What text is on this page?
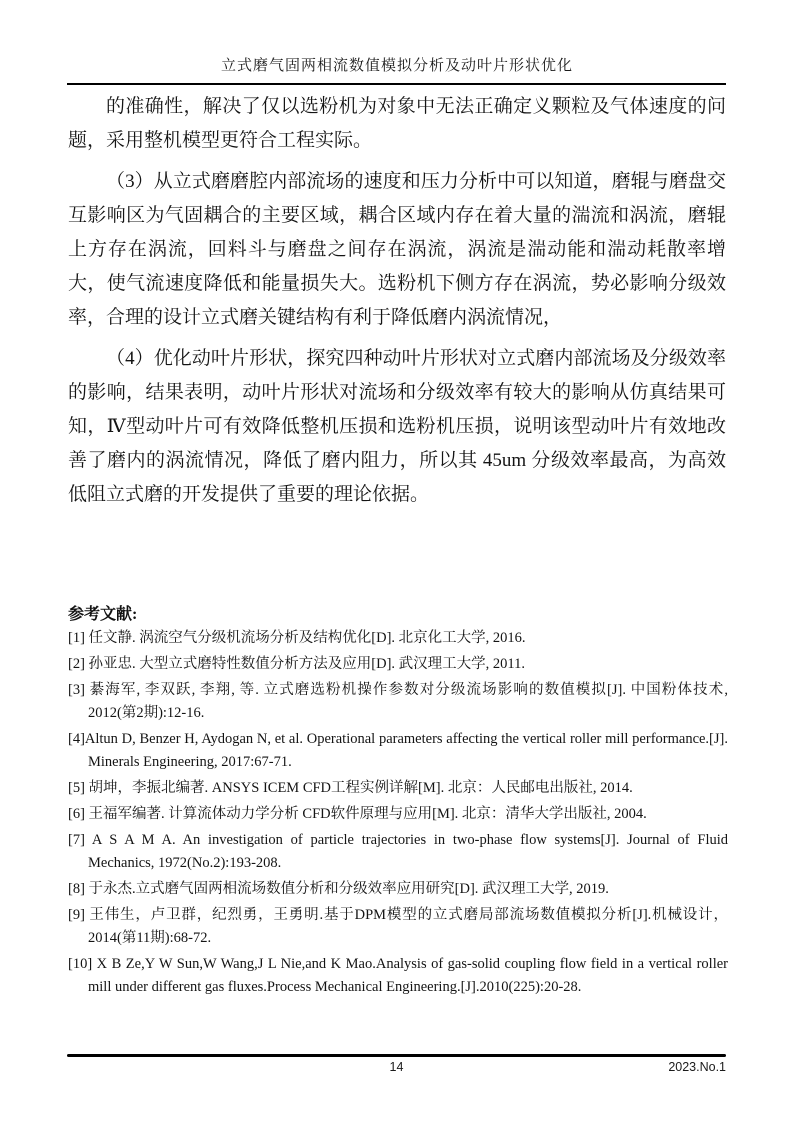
立式磨气固两相流数值模拟分析及动叶片形状优化

的准确性，解决了仅以选粉机为对象中无法正确定义颗粒及气体速度的问题，采用整机模型更符合工程实际。

（3）从立式磨磨腔内部流场的速度和压力分析中可以知道，磨辊与磨盘交互影响区为气固耦合的主要区域，耦合区域内存在着大量的湍流和涡流，磨辊上方存在涡流，回料斗与磨盘之间存在涡流，涡流是湍动能和湍动耗散率增大，使气流速度降低和能量损失大。选粉机下侧方存在涡流，势必影响分级效率，合理的设计立式磨关键结构有利于降低磨内涡流情况，

（4）优化动叶片形状，探究四种动叶片形状对立式磨内部流场及分级效率的影响，结果表明，动叶片形状对流场和分级效率有较大的影响从仿真结果可知，Ⅳ型动叶片可有效降低整机压损和选粉机压损，说明该型动叶片有效地改善了磨内的涡流情况，降低了磨内阻力，所以其 45um 分级效率最高，为高效低阻立式磨的开发提供了重要的理论依据。

参考文献:

[1] 任文静. 涡流空气分级机流场分析及结构优化[D]. 北京化工大学, 2016.

[2] 孙亚忠. 大型立式磨特性数值分析方法及应用[D]. 武汉理工大学, 2011.

[3] 綦海军, 李双跃, 李翔, 等. 立式磨选粉机操作参数对分级流场影响的数值模拟[J]. 中国粉体技术, 2012(第2期):12-16.

[4]Altun D, Benzer H, Aydogan N, et al. Operational parameters affecting the vertical roller mill performance.[J]. Minerals Engineering, 2017:67-71.

[5] 胡坤，李振北编著. ANSYS ICEM CFD工程实例详解[M]. 北京：人民邮电出版社, 2014.

[6] 王福军编著. 计算流体动力学分析 CFD软件原理与应用[M]. 北京：清华大学出版社, 2004.

[7] A S A M A. An investigation of particle trajectories in two-phase flow systems[J]. Journal of Fluid Mechanics, 1972(No.2):193-208.

[8] 于永杰.立式磨气固两相流场数值分析和分级效率应用研究[D]. 武汉理工大学, 2019.

[9] 王伟生，卢卫群，纪烈勇，王勇明.基于DPM模型的立式磨局部流场数值模拟分析[J].机械设计， 2014(第11期):68-72.

[10] X B Ze,Y W Sun,W Wang,J L Nie,and K Mao.Analysis of gas-solid coupling flow field in a vertical roller mill under different gas fluxes.Process Mechanical Engineering.[J].2010(225):20-28.

14	2023.No.1
